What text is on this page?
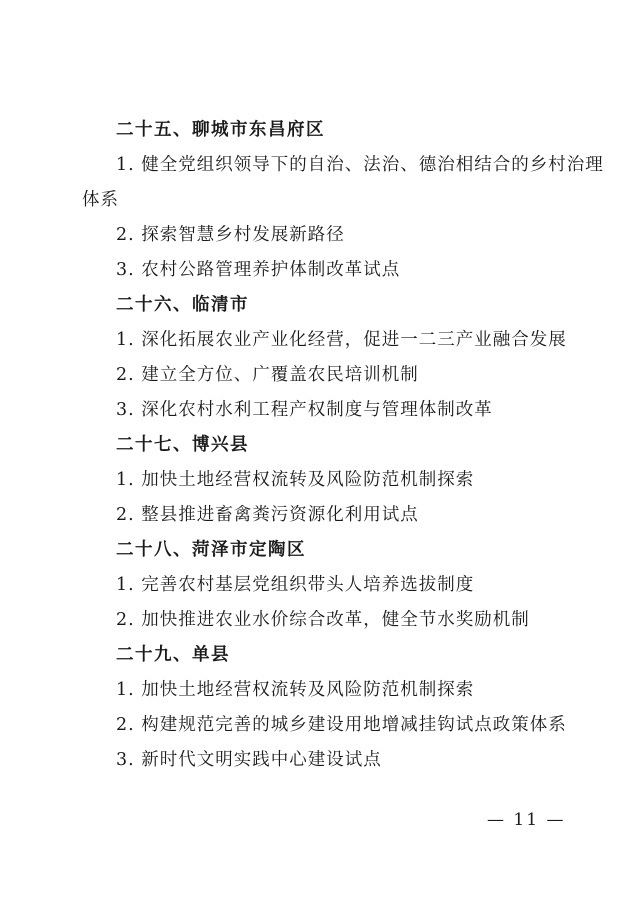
二十五、聊城市东昌府区
1. 健全党组织领导下的自治、法治、德治相结合的乡村治理
体系
2. 探索智慧乡村发展新路径
3. 农村公路管理养护体制改革试点
二十六、临清市
1. 深化拓展农业产业化经营，促进一二三产业融合发展
2. 建立全方位、广覆盖农民培训机制
3. 深化农村水利工程产权制度与管理体制改革
二十七、博兴县
1. 加快土地经营权流转及风险防范机制探索
2. 整县推进畜禽粪污资源化利用试点
二十八、菏泽市定陶区
1. 完善农村基层党组织带头人培养选拔制度
2. 加快推进农业水价综合改革，健全节水奖励机制
二十九、单县
1. 加快土地经营权流转及风险防范机制探索
2. 构建规范完善的城乡建设用地增减挂钩试点政策体系
3. 新时代文明实践中心建设试点
— 11 —
